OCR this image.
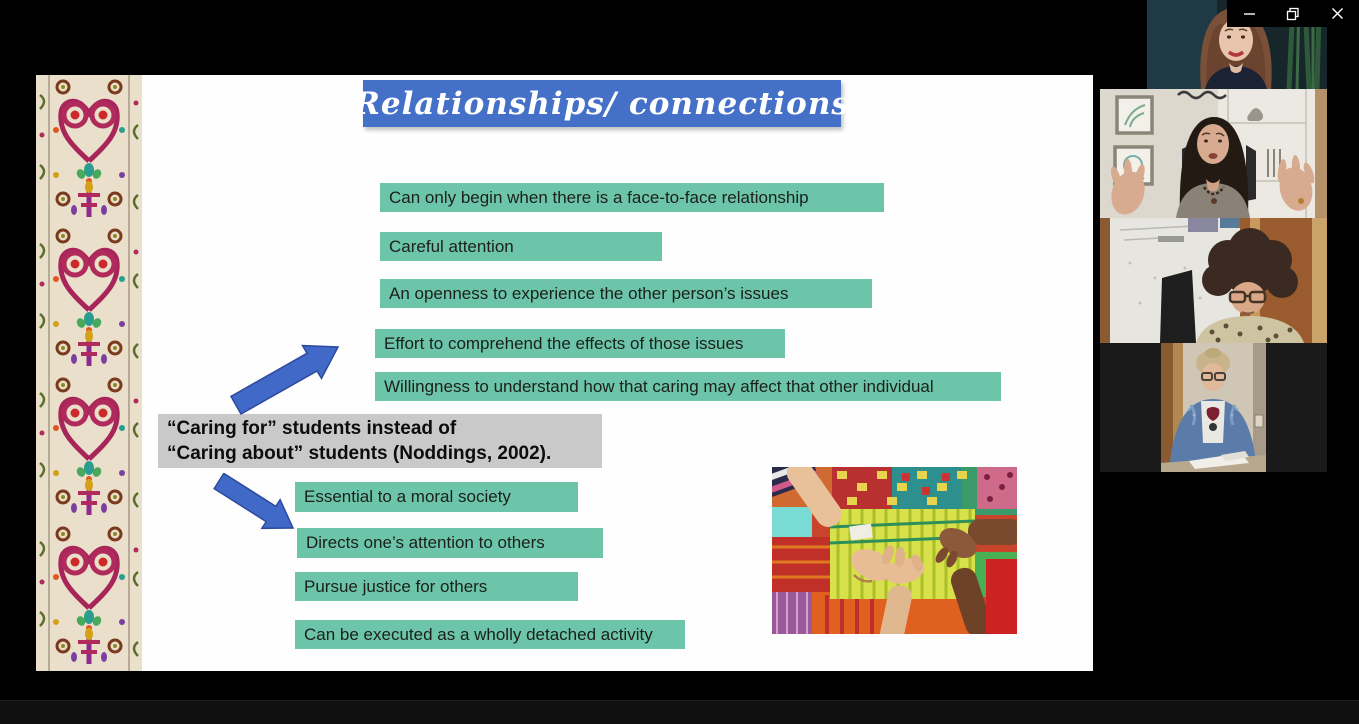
Relationships/ connections
Can only begin when there is a face-to-face relationship
Careful attention
An openness to experience the other person’s issues
Effort to comprehend the effects of those issues
Willingness to understand how that caring may affect that other individual
“Caring for” students instead of
“Caring about” students (Noddings, 2002).
Essential to a moral society
Directs one’s attention to others
Pursue justice for others
Can be executed as a wholly detached activity
